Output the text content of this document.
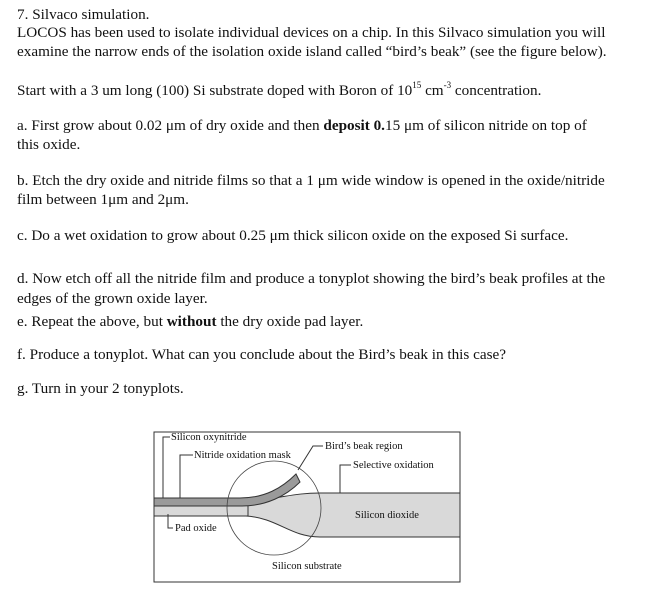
7. Silvaco simulation.
LOCOS has been used to isolate individual devices on a chip. In this Silvaco simulation you will
examine the narrow ends of the isolation oxide island called “bird’s beak” (see the figure below).
Start with a 3 um long (100) Si substrate doped with Boron of $10^{15}$ $cm^{-3}$ concentration.
a. First grow about 0.02 μm of dry oxide and then deposit 0.15 μm of silicon nitride on top of
this oxide.
b. Etch the dry oxide and nitride films so that a 1 μm wide window is opened in the oxide/nitride
film between 1μm and 2μm.
c. Do a wet oxidation to grow about 0.25 μm thick silicon oxide on the exposed Si surface.
d. Now etch off all the nitride film and produce a tonyplot showing the bird’s beak profiles at the
edges of the grown oxide layer.
e. Repeat the above, but without the dry oxide pad layer.
f. Produce a tonyplot. What can you conclude about the Bird’s beak in this case?
g. Turn in your 2 tonyplots.
Silicon oxynitride
Nitride oxidation mask
Bird’s beak region
Selective oxidation
Silicon dioxide
Pad oxide
Silicon substrate
